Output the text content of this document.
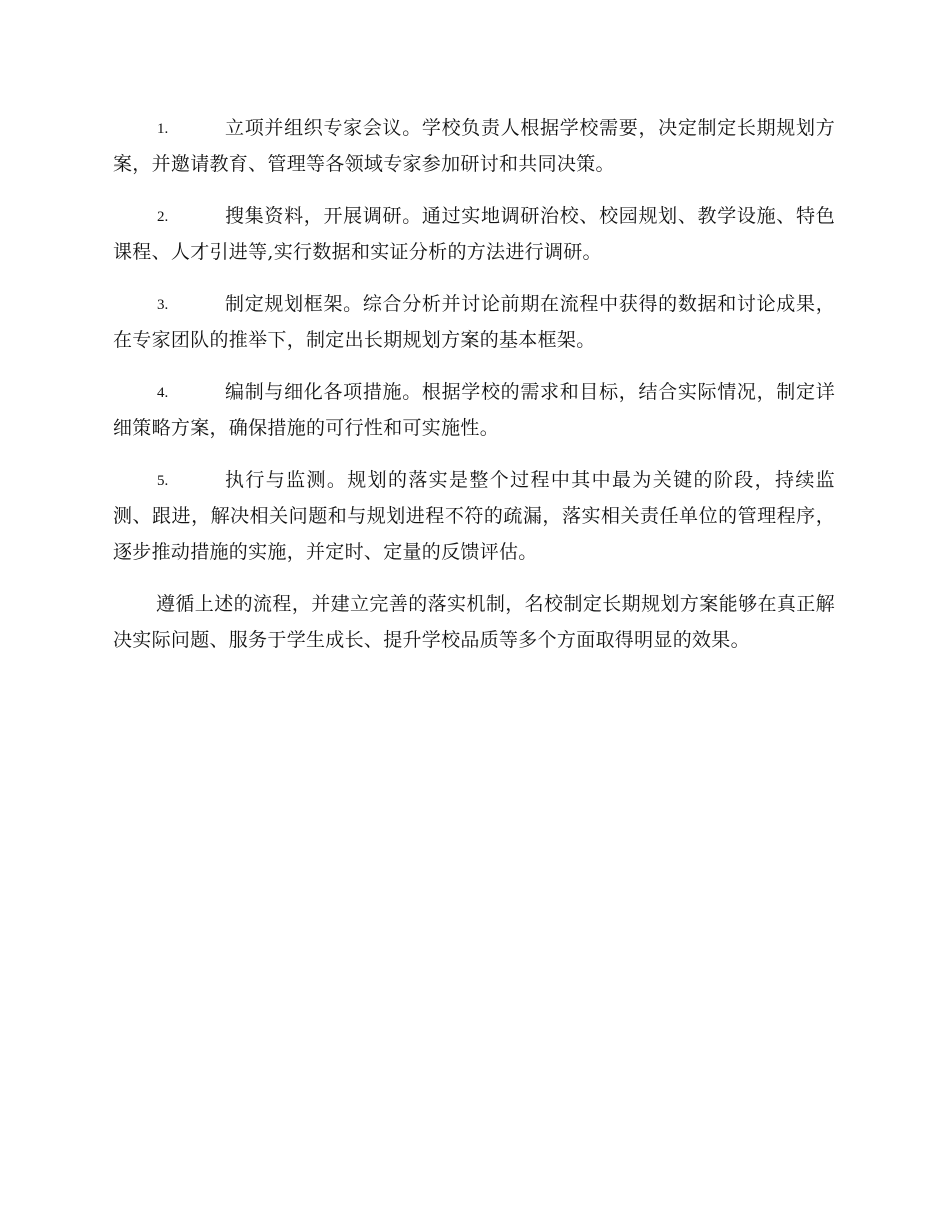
1.	立项并组织专家会议。学校负责人根据学校需要，决定制定长期规划方案，并邀请教育、管理等各领域专家参加研讨和共同决策。

2.	搜集资料，开展调研。通过实地调研治校、校园规划、教学设施、特色课程、人才引进等,实行数据和实证分析的方法进行调研。

3.	制定规划框架。综合分析并讨论前期在流程中获得的数据和讨论成果，在专家团队的推举下，制定出长期规划方案的基本框架。

4.	编制与细化各项措施。根据学校的需求和目标，结合实际情况，制定详细策略方案，确保措施的可行性和可实施性。

5.	执行与监测。规划的落实是整个过程中其中最为关键的阶段，持续监测、跟进，解决相关问题和与规划进程不符的疏漏，落实相关责任单位的管理程序，逐步推动措施的实施，并定时、定量的反馈评估。

遵循上述的流程，并建立完善的落实机制，名校制定长期规划方案能够在真正解决实际问题、服务于学生成长、提升学校品质等多个方面取得明显的效果。
